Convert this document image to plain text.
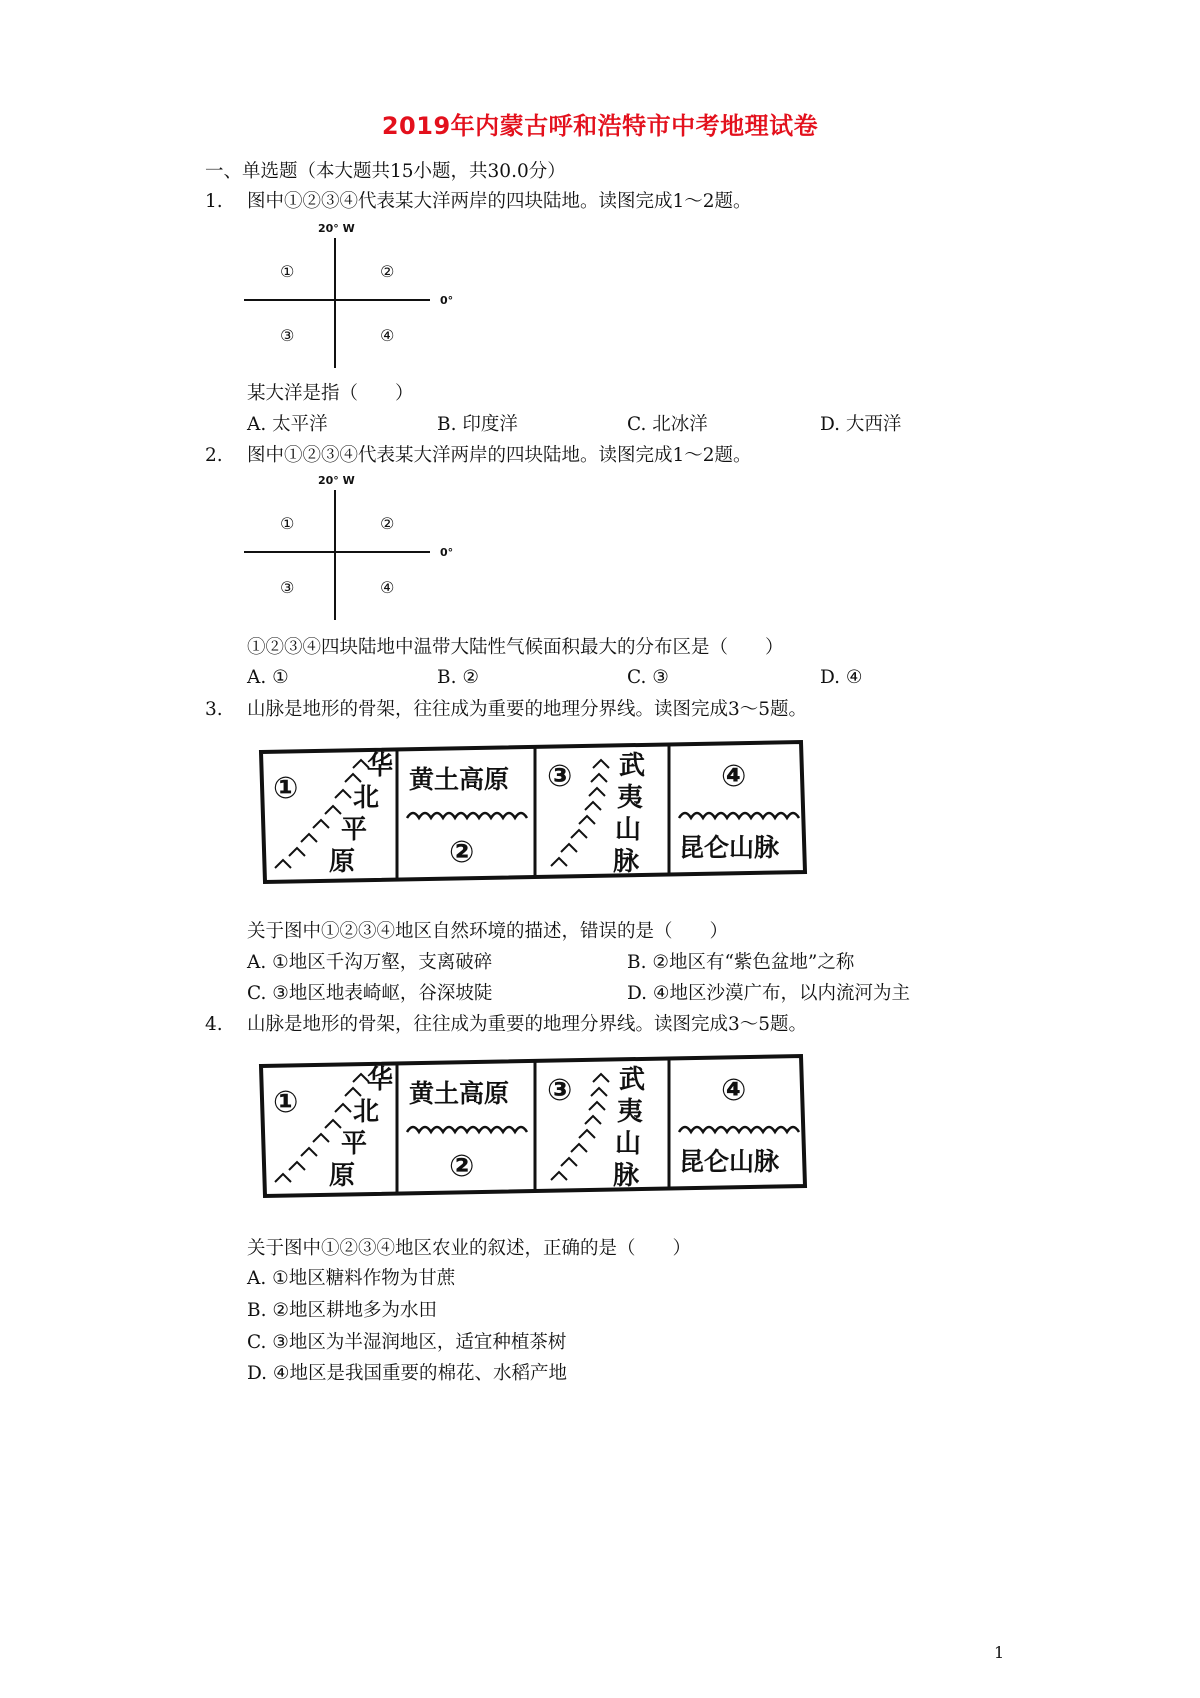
2019年内蒙古呼和浩特市中考地理试卷
一、单选题（本大题共15小题，共30.0分）
1. 图中①②③④代表某大洋两岸的四块陆地。读图完成1～2题。
20° W
0°
①	②
③	④
某大洋是指（　　）
A. 太平洋	B. 印度洋	C. 北冰洋	D. 大西洋
2. 图中①②③④代表某大洋两岸的四块陆地。读图完成1～2题。
20° W
0°
①	②
③	④
①②③④四块陆地中温带大陆性气候面积最大的分布区是（　　）
A. ①	B. ②	C. ③	D. ④
3. 山脉是地形的骨架，往往成为重要的地理分界线。读图完成3～5题。
①
华
北
平
原
黄土高原
②
③ 武
夷
山
脉
④
昆仑山脉
关于图中①②③④地区自然环境的描述，错误的是（　　）
A. ①地区千沟万壑，支离破碎	B. ②地区有“紫色盆地”之称
C. ③地区地表崎岖，谷深坡陡	D. ④地区沙漠广布，以内流河为主
4. 山脉是地形的骨架，往往成为重要的地理分界线。读图完成3～5题。
①
华
北
平
原
黄土高原
②
③ 武
夷
山
脉
④
昆仑山脉
关于图中①②③④地区农业的叙述，正确的是（　　）
A. ①地区糖料作物为甘蔗
B. ②地区耕地多为水田
C. ③地区为半湿润地区，适宜种植茶树
D. ④地区是我国重要的棉花、水稻产地
1
